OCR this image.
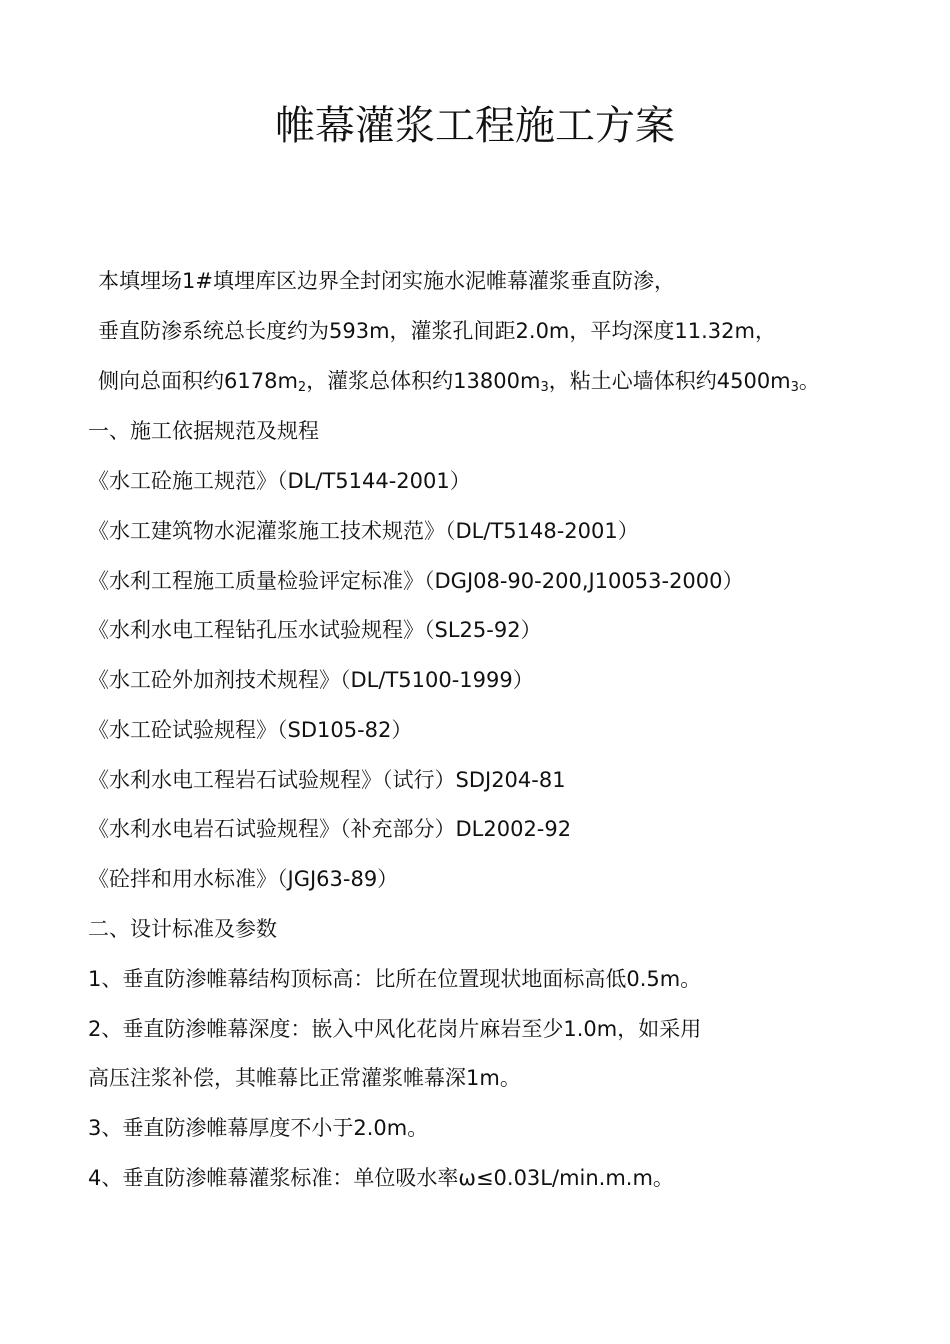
帷幕灌浆工程施工方案
本填埋场1#填埋库区边界全封闭实施水泥帷幕灌浆垂直防渗，
垂直防渗系统总长度约为593m，灌浆孔间距2.0m，平均深度11.32m，
侧向总面积约$6178m_2$，灌浆总体积约$13800m_3$，粘土心墙体积约$4500m_3$。
一、施工依据规范及规程
《水工砼施工规范》（DL/T5144-2001）
《水工建筑物水泥灌浆施工技术规范》（DL/T5148-2001）
《水利工程施工质量检验评定标准》（DGJ08-90-200,J10053-2000）
《水利水电工程钻孔压水试验规程》（SL25-92）
《水工砼外加剂技术规程》（DL/T5100-1999）
《水工砼试验规程》（SD105-82）
《水利水电工程岩石试验规程》（试行）SDJ204-81
《水利水电岩石试验规程》（补充部分）DL2002-92
《砼拌和用水标准》（JGJ63-89）
二、设计标准及参数
1、垂直防渗帷幕结构顶标高：比所在位置现状地面标高低0.5m。
2、垂直防渗帷幕深度：嵌入中风化花岗片麻岩至少1.0m，如采用
高压注浆补偿，其帷幕比正常灌浆帷幕深1m。
3、垂直防渗帷幕厚度不小于2.0m。
4、垂直防渗帷幕灌浆标准：单位吸水率ω≤0.03L/min.m.m。
